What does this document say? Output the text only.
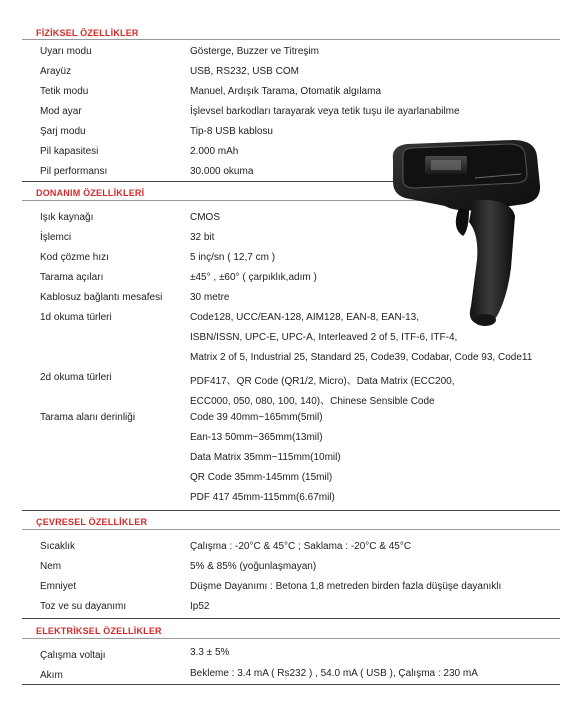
FİZİKSEL ÖZELLİKLER
Uyarı modu	Gösterge, Buzzer ve Titreşim
Arayüz	USB, RS232, USB COM
Tetik modu	Manuel, Ardışık Tarama, Otomatik algılama
Mod ayar	İşlevsel barkodları tarayarak veya tetik tuşu ile ayarlanabilme
Şarj modu	Tip-8 USB kablosu
Pil kapasitesi	2.000 mAh
Pil performansı	30.000 okuma
DONANIM ÖZELLİKLERİ
Işık kaynağı	CMOS
İşlemci	32 bit
Kod çözme hızı	5 inç/sn ( 12,7 cm )
Tarama açıları	±45° , ±60° ( çarpıklık,adım )
Kablosuz bağlantı mesafesi	30 metre
1d okuma türleri	Code128, UCC/EAN-128, AIM128, EAN-8, EAN-13,
ISBN/ISSN, UPC-E, UPC-A, Interleaved 2 of 5, ITF-6, ITF-4,
Matrix 2 of 5, Industrial 25, Standard 25, Code39, Codabar, Code 93, Code11
2d okuma türleri	PDF417、QR Code (QR1/2, Micro)、Data Matrix (ECC200,
ECC000, 050, 080, 100, 140)、Chinese Sensible Code
Tarama alanı derinliği	Code 39 40mm~165mm(5mil)
Ean-13 50mm~365mm(13mil)
Data Matrix 35mm~115mm(10mil)
QR Code 35mm-145mm (15mil)
PDF 417 45mm-115mm(6.67mil)
ÇEVRESEL ÖZELLİKLER
Sıcaklık	Çalışma : -20°C & 45°C ; Saklama : -20°C & 45°C
Nem	5% & 85% (yoğunlaşmayan)
Emniyet	Düşme Dayanımı : Betona 1,8 metreden birden fazla düşüşe dayanıklı
Toz ve su dayanımı	Ip52
ELEKTRİKSEL ÖZELLİKLER
Çalışma voltajı	3.3 ± 5%
Akım	Bekleme : 3.4 mA ( Rs232 ) , 54.0 mA ( USB ), Çalışma : 230 mA
